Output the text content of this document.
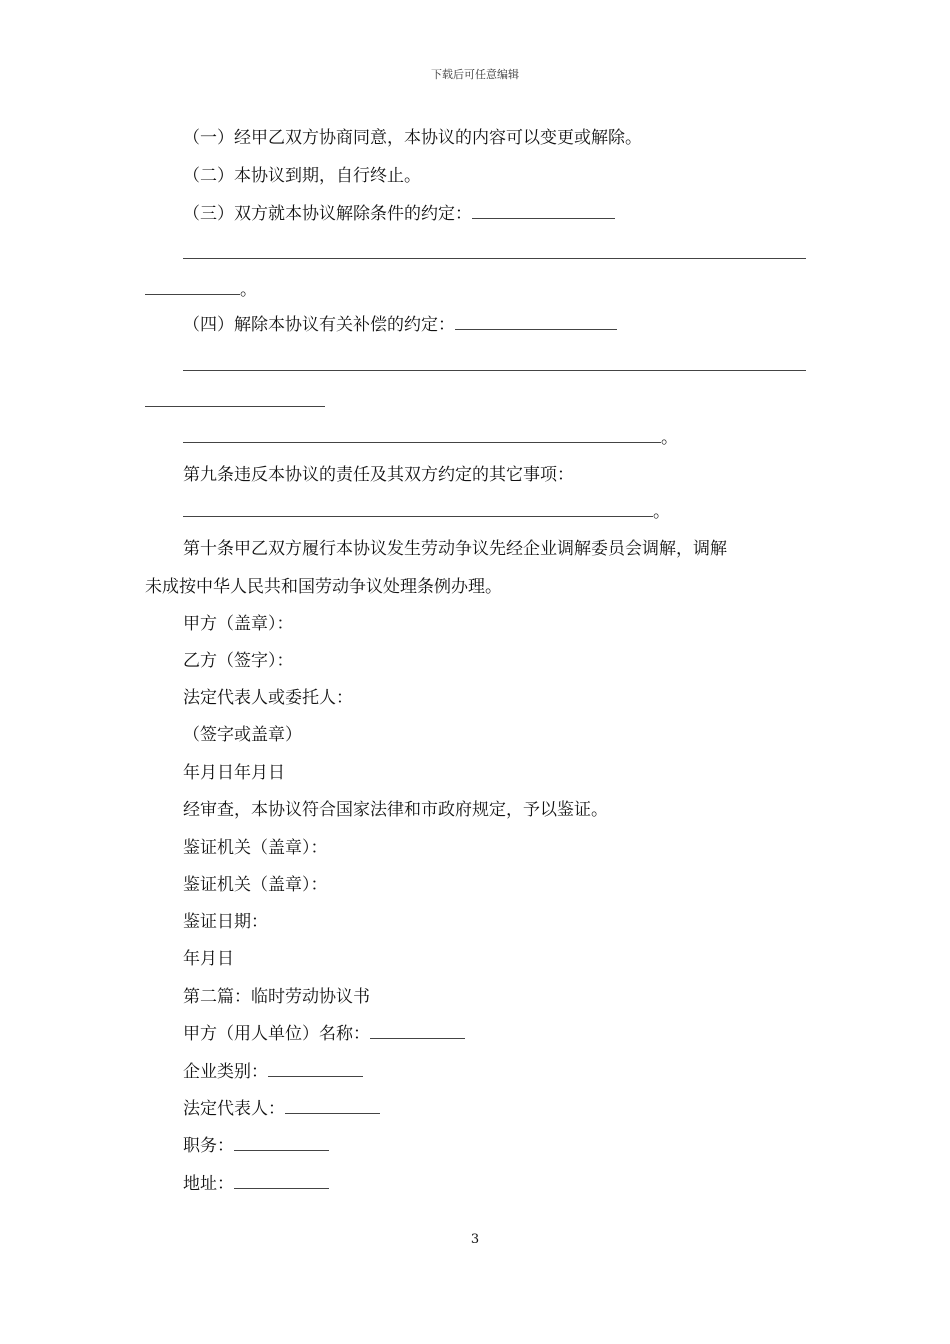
下载后可任意编辑
（一）经甲乙双方协商同意，本协议的内容可以变更或解除。
（二）本协议到期，自行终止。
（三）双方就本协议解除条件的约定：
。
（四）解除本协议有关补偿的约定：
。
第九条违反本协议的责任及其双方约定的其它事项：
。
第十条甲乙双方履行本协议发生劳动争议先经企业调解委员会调解，调解
未成按中华人民共和国劳动争议处理条例办理。
甲方（盖章）：
乙方（签字）：
法定代表人或委托人：
（签字或盖章）
年月日年月日
经审查，本协议符合国家法律和市政府规定，予以鉴证。
鉴证机关（盖章）：
鉴证机关（盖章）：
鉴证日期：
年月日
第二篇：临时劳动协议书
甲方（用人单位）名称：
企业类别：
法定代表人：
职务：
地址：
3
